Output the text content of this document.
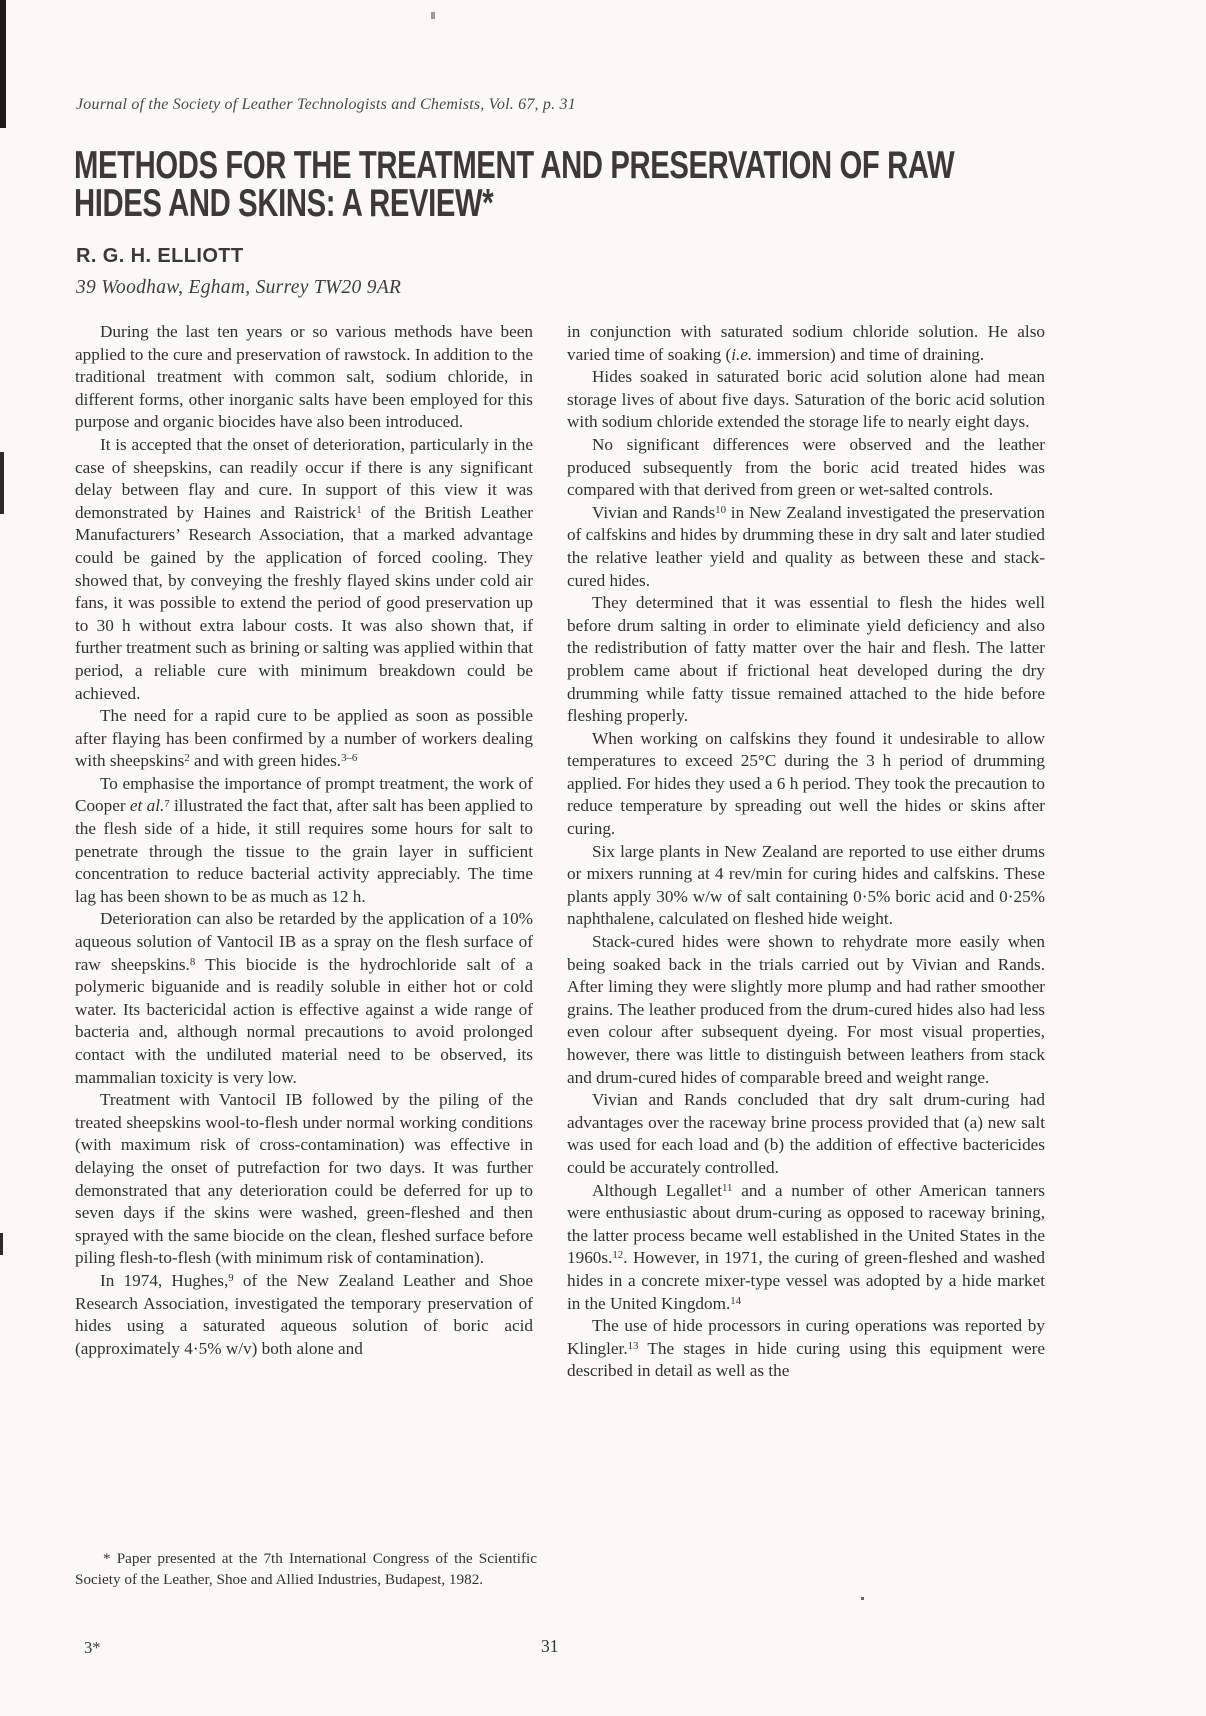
Journal of the Society of Leather Technologists and Chemists, Vol. 67, p. 31
METHODS FOR THE TREATMENT AND PRESERVATION OF RAW
HIDES AND SKINS: A REVIEW*
R. G. H. ELLIOTT
39 Woodhaw, Egham, Surrey TW20 9AR

During the last ten years or so various methods have been applied to the cure and preservation of rawstock. In addition to the traditional treatment with common salt, sodium chloride, in different forms, other inorganic salts have been employed for this purpose and organic biocides have also been introduced.

It is accepted that the onset of deterioration, particularly in the case of sheepskins, can readily occur if there is any significant delay between flay and cure. In support of this view it was demonstrated by Haines and Raistrick$^1$ of the British Leather Manufacturers’ Research Association, that a marked advantage could be gained by the application of forced cooling. They showed that, by conveying the freshly flayed skins under cold air fans, it was possible to extend the period of good preservation up to 30 h without extra labour costs. It was also shown that, if further treatment such as brining or salting was applied within that period, a reliable cure with minimum breakdown could be achieved.

The need for a rapid cure to be applied as soon as possible after flaying has been confirmed by a number of workers dealing with sheepskins$^2$ and with green hides.$^{3-6}$

To emphasise the importance of prompt treatment, the work of Cooper et al.$^7$ illustrated the fact that, after salt has been applied to the flesh side of a hide, it still requires some hours for salt to penetrate through the tissue to the grain layer in sufficient concentration to reduce bacterial activity appreciably. The time lag has been shown to be as much as 12 h.

Deterioration can also be retarded by the application of a 10% aqueous solution of Vantocil IB as a spray on the flesh surface of raw sheepskins.$^8$ This biocide is the hydrochloride salt of a polymeric biguanide and is readily soluble in either hot or cold water. Its bactericidal action is effective against a wide range of bacteria and, although normal precautions to avoid prolonged contact with the undiluted material need to be observed, its mammalian toxicity is very low.

Treatment with Vantocil IB followed by the piling of the treated sheepskins wool-to-flesh under normal working conditions (with maximum risk of cross-contamination) was effective in delaying the onset of putrefaction for two days. It was further demonstrated that any deterioration could be deferred for up to seven days if the skins were washed, green-fleshed and then sprayed with the same biocide on the clean, fleshed surface before piling flesh-to-flesh (with minimum risk of contamination).

In 1974, Hughes,$^9$ of the New Zealand Leather and Shoe Research Association, investigated the temporary preservation of hides using a saturated aqueous solution of boric acid (approximately 4·5% w/v) both alone and

in conjunction with saturated sodium chloride solution. He also varied time of soaking (i.e. immersion) and time of draining.

Hides soaked in saturated boric acid solution alone had mean storage lives of about five days. Saturation of the boric acid solution with sodium chloride extended the storage life to nearly eight days.

No significant differences were observed and the leather produced subsequently from the boric acid treated hides was compared with that derived from green or wet-salted controls.

Vivian and Rands$^{10}$ in New Zealand investigated the preservation of calfskins and hides by drumming these in dry salt and later studied the relative leather yield and quality as between these and stack-cured hides.

They determined that it was essential to flesh the hides well before drum salting in order to eliminate yield deficiency and also the redistribution of fatty matter over the hair and flesh. The latter problem came about if frictional heat developed during the dry drumming while fatty tissue remained attached to the hide before fleshing properly.

When working on calfskins they found it undesirable to allow temperatures to exceed 25°C during the 3 h period of drumming applied. For hides they used a 6 h period. They took the precaution to reduce temperature by spreading out well the hides or skins after curing.

Six large plants in New Zealand are reported to use either drums or mixers running at 4 rev/min for curing hides and calfskins. These plants apply 30% w/w of salt containing 0·5% boric acid and 0·25% naphthalene, calculated on fleshed hide weight.

Stack-cured hides were shown to rehydrate more easily when being soaked back in the trials carried out by Vivian and Rands. After liming they were slightly more plump and had rather smoother grains. The leather produced from the drum-cured hides also had less even colour after subsequent dyeing. For most visual properties, however, there was little to distinguish between leathers from stack and drum-cured hides of comparable breed and weight range.

Vivian and Rands concluded that dry salt drum-curing had advantages over the raceway brine process provided that (a) new salt was used for each load and (b) the addition of effective bactericides could be accurately controlled.

Although Legallet$^{11}$ and a number of other American tanners were enthusiastic about drum-curing as opposed to raceway brining, the latter process became well established in the United States in the 1960s.$^{12}$. However, in 1971, the curing of green-fleshed and washed hides in a concrete mixer-type vessel was adopted by a hide market in the United Kingdom.$^{14}$

The use of hide processors in curing operations was reported by Klingler.$^{13}$ The stages in hide curing using this equipment were described in detail as well as the

* Paper presented at the 7th International Congress of the Scientific Society of the Leather, Shoe and Allied Industries, Budapest, 1982.

3*	31
